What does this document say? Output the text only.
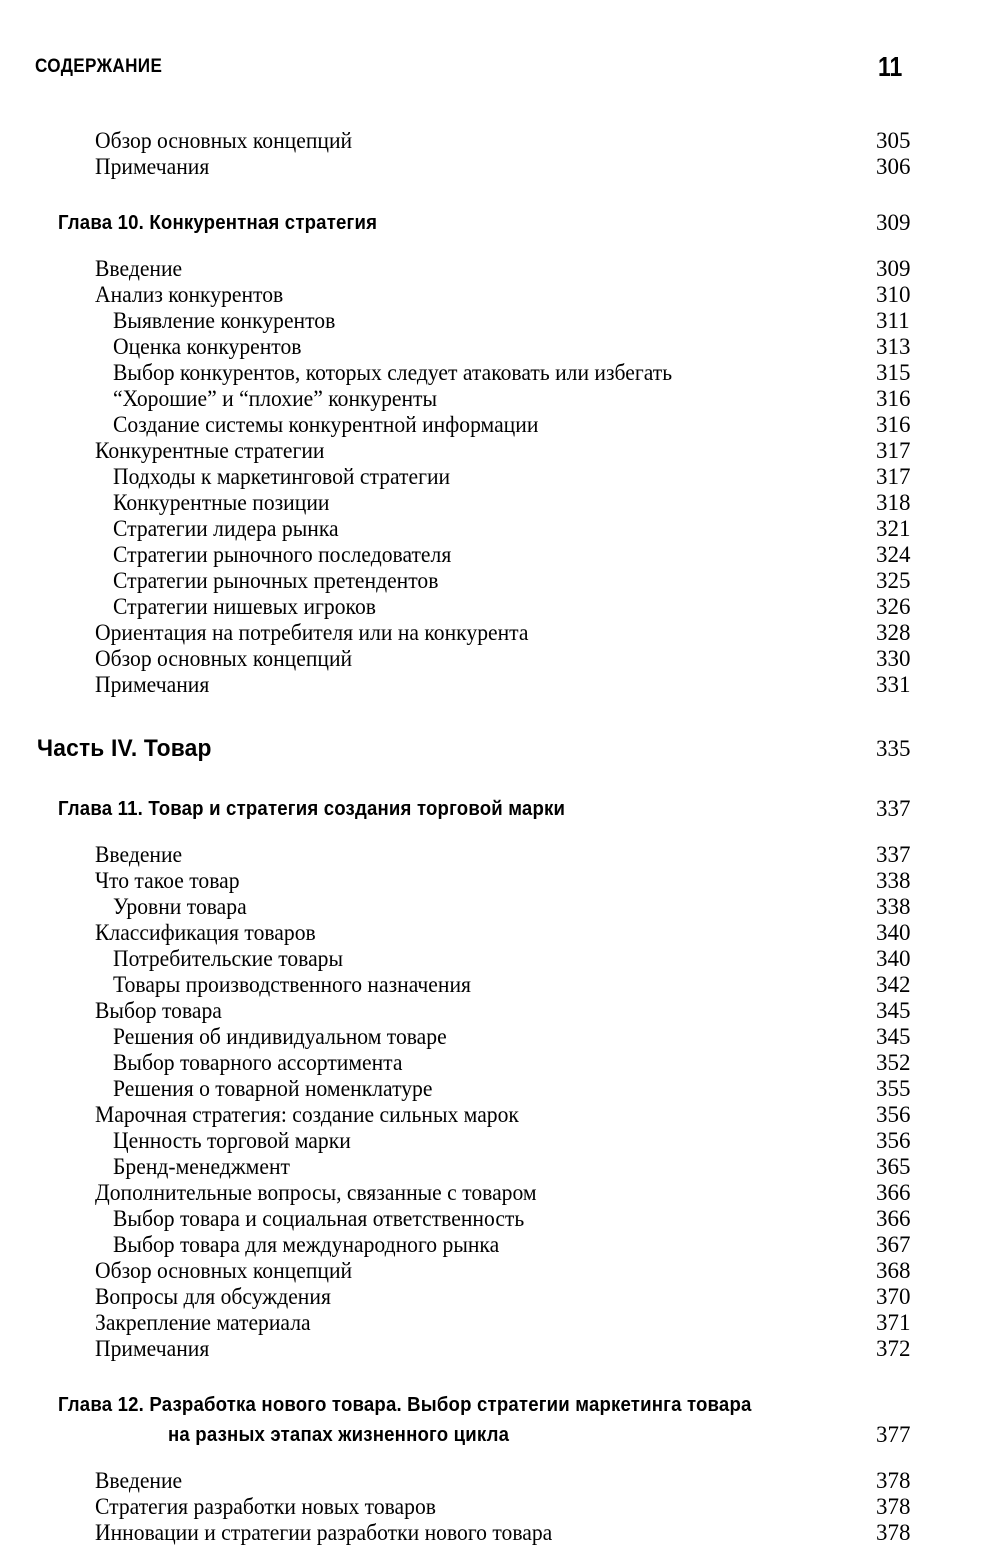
СОДЕРЖАНИЕ	11
Обзор основных концепций	305
Примечания	306
Глава 10. Конкурентная стратегия	309
Введение	309
Анализ конкурентов	310
Выявление конкурентов	311
Оценка конкурентов	313
Выбор конкурентов, которых следует атаковать или избегать	315
“Хорошие” и “плохие” конкуренты	316
Создание системы конкурентной информации	316
Конкурентные стратегии	317
Подходы к маркетинговой стратегии	317
Конкурентные позиции	318
Стратегии лидера рынка	321
Стратегии рыночного последователя	324
Стратегии рыночных претендентов	325
Стратегии нишевых игроков	326
Ориентация на потребителя или на конкурента	328
Обзор основных концепций	330
Примечания	331
Часть IV. Товар	335
Глава 11. Товар и стратегия создания торговой марки	337
Введение	337
Что такое товар	338
Уровни товара	338
Классификация товаров	340
Потребительские товары	340
Товары производственного назначения	342
Выбор товара	345
Решения об индивидуальном товаре	345
Выбор товарного ассортимента	352
Решения о товарной номенклатуре	355
Марочная стратегия: создание сильных марок	356
Ценность торговой марки	356
Бренд-менеджмент	365
Дополнительные вопросы, связанные с товаром	366
Выбор товара и социальная ответственность	366
Выбор товара для международного рынка	367
Обзор основных концепций	368
Вопросы для обсуждения	370
Закрепление материала	371
Примечания	372
Глава 12. Разработка нового товара. Выбор стратегии маркетинга товара
на разных этапах жизненного цикла	377
Введение	378
Стратегия разработки новых товаров	378
Инновации и стратегии разработки нового товара	378
